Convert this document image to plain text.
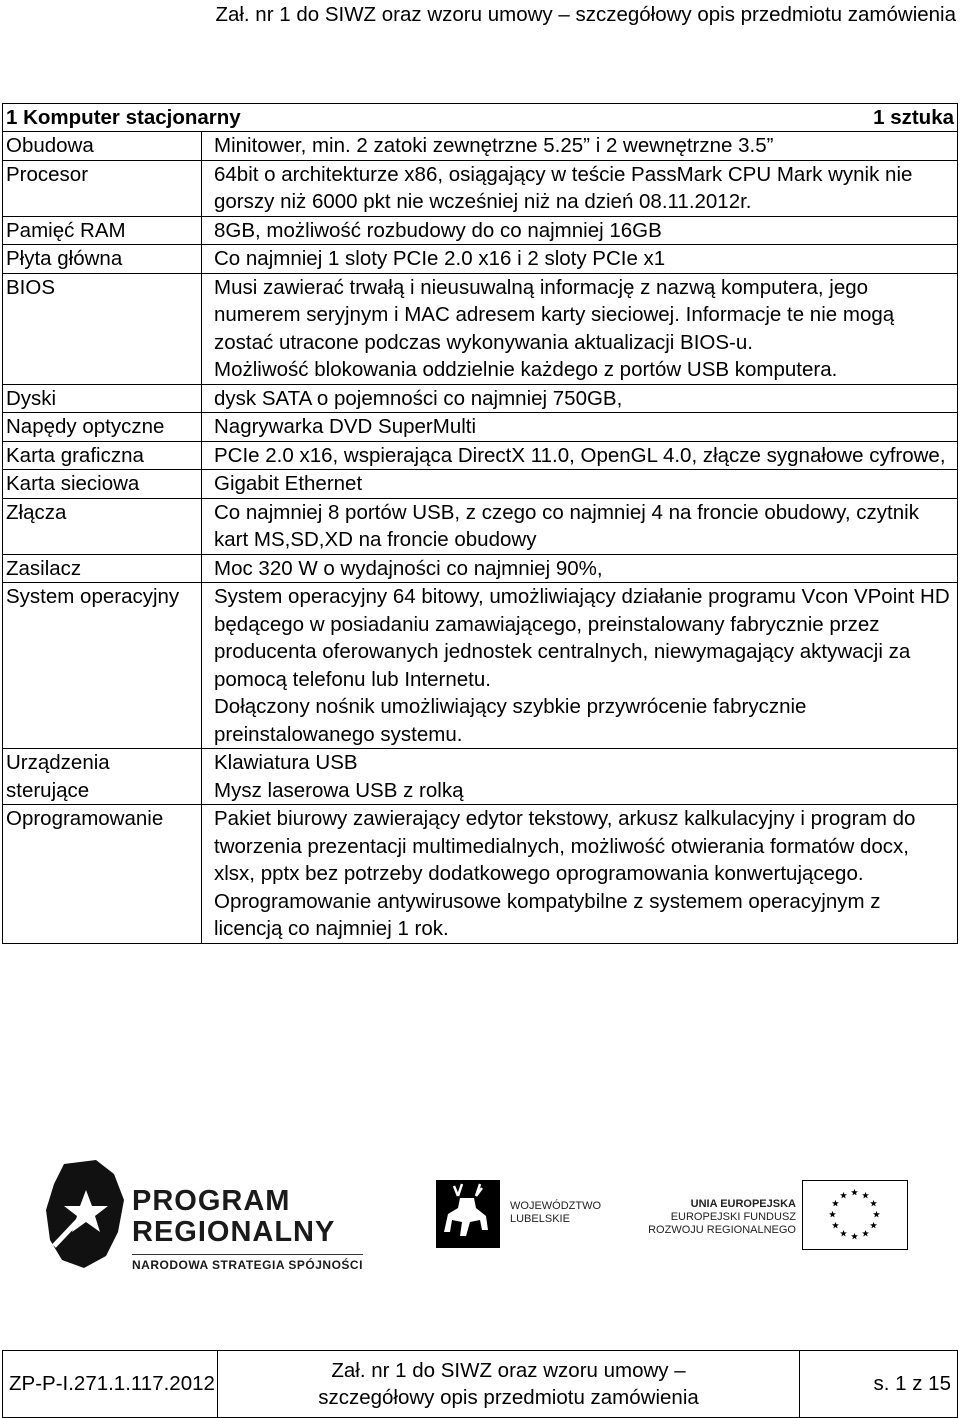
Zał. nr 1 do SIWZ oraz wzoru umowy – szczegółowy opis przedmiotu zamówienia
1 Komputer stacjonarny 1 sztuka	

Obudowa	Minitower, min. 2 zatoki zewnętrzne 5.25” i 2 wewnętrzne 3.5”

Procesor	64bit o architekturze x86, osiągający w teście PassMark CPU Mark wynik nie gorszy niż 6000 pkt nie wcześniej niż na dzień 08.11.2012r.

Pamięć RAM	8GB, możliwość rozbudowy do co najmniej 16GB

Płyta główna	Co najmniej 1 sloty PCIe 2.0 x16 i 2 sloty PCIe x1

BIOS	Musi zawierać trwałą i nieusuwalną informację z nazwą komputera, jego numerem seryjnym i MAC adresem karty sieciowej. Informacje te nie mogą zostać utracone podczas wykonywania aktualizacji BIOS-u.

Możliwość blokowania oddzielnie każdego z portów USB komputera.

Dyski	dysk SATA o pojemności co najmniej 750GB,

Napędy optyczne	Nagrywarka DVD SuperMulti

Karta graficzna	PCIe 2.0 x16, wspierająca DirectX 11.0, OpenGL 4.0, złącze sygnałowe cyfrowe,

Karta sieciowa	Gigabit Ethernet

Złącza	Co najmniej 8 portów USB, z czego co najmniej 4 na froncie obudowy, czytnik kart MS,SD,XD na froncie obudowy

Zasilacz	Moc 320 W o wydajności co najmniej 90%,

System operacyjny	System operacyjny 64 bitowy, umożliwiający działanie programu Vcon VPoint HD będącego w posiadaniu zamawiającego, preinstalowany fabrycznie przez producenta oferowanych jednostek centralnych, niewymagający aktywacji za pomocą telefonu lub Internetu.

Dołączony nośnik umożliwiający szybkie przywrócenie fabrycznie preinstalowanego systemu.

Urządzenia sterujące	Klawiatura USB

Mysz laserowa USB z rolką

Oprogramowanie	Pakiet biurowy zawierający edytor tekstowy, arkusz kalkulacyjny i program do tworzenia prezentacji multimedialnych, możliwość otwierania formatów docx, xlsx, pptx bez potrzeby dodatkowego oprogramowania konwertującego.

Oprogramowanie antywirusowe kompatybilne z systemem operacyjnym z licencją co najmniej 1 rok.

PROGRAM
REGIONALNY
NARODOWA STRATEGIA SPÓJNOŚCI
WOJEWÓDZTWO
LUBELSKIE
UNIA EUROPEJSKA
EUROPEJSKI FUNDUSZ
ROZWOJU REGIONALNEGO
ZP-P-I.271.1.117.2012	Zał. nr 1 do SIWZ oraz wzoru umowy –
szczegółowy opis przedmiotu zamówienia	s. 1 z 15
